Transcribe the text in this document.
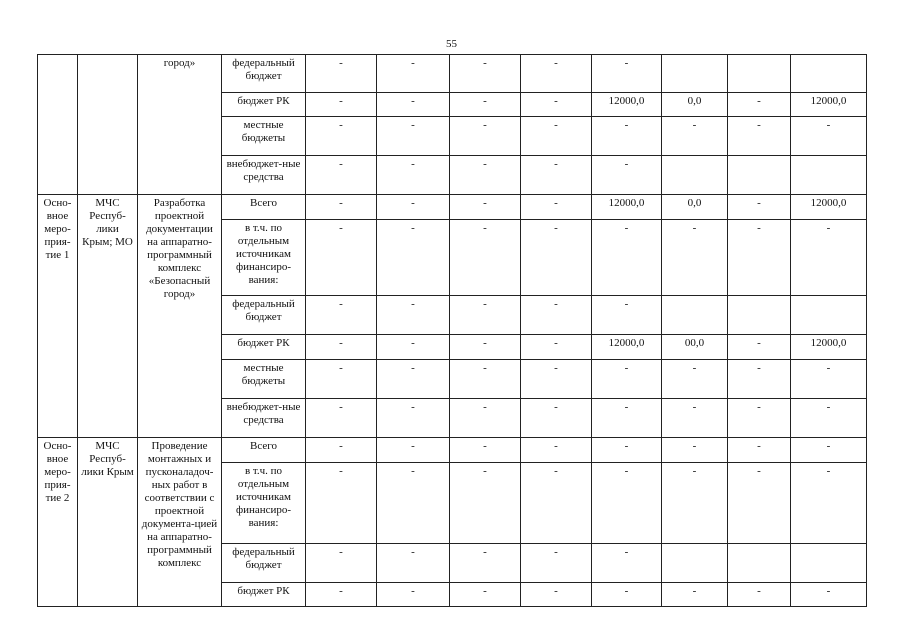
55
		город»	федеральный бюджет	-	-	-	-	-			
			бюджет РК	-	-	-	-	12000,0	0,0	-	12000,0
			местные бюджеты	-	-	-	-	-	-	-	-
			внебюджет-ные средства	-	-	-	-	-			
Осно-вное меро-прия-тие 1	МЧС Респуб-лики Крым; МО	Разработка проектной документации на аппаратно-программный комплекс «Безопасный город»	Всего	-	-	-	-	12000,0	0,0	-	12000,0
			в т.ч. по отдельным источникам финансиро-вания:	-	-	-	-	-	-	-	-
			федеральный бюджет	-	-	-	-	-			
			бюджет РК	-	-	-	-	12000,0	00,0	-	12000,0
			местные бюджеты	-	-	-	-	-	-	-	-
			внебюджет-ные средства	-	-	-	-	-	-	-	-
Осно-вное меро-прия-тие 2	МЧС Респуб-лики Крым	Проведение монтажных и пусконаладоч-ных работ в соответствии с проектной документа-цией на аппаратно-программный комплекс	Всего	-	-	-	-	-	-	-	-
			в т.ч. по отдельным источникам финансиро-вания:	-	-	-	-	-	-	-	-
			федеральный бюджет	-	-	-	-	-			
			бюджет РК	-	-	-	-	-	-	-	-
